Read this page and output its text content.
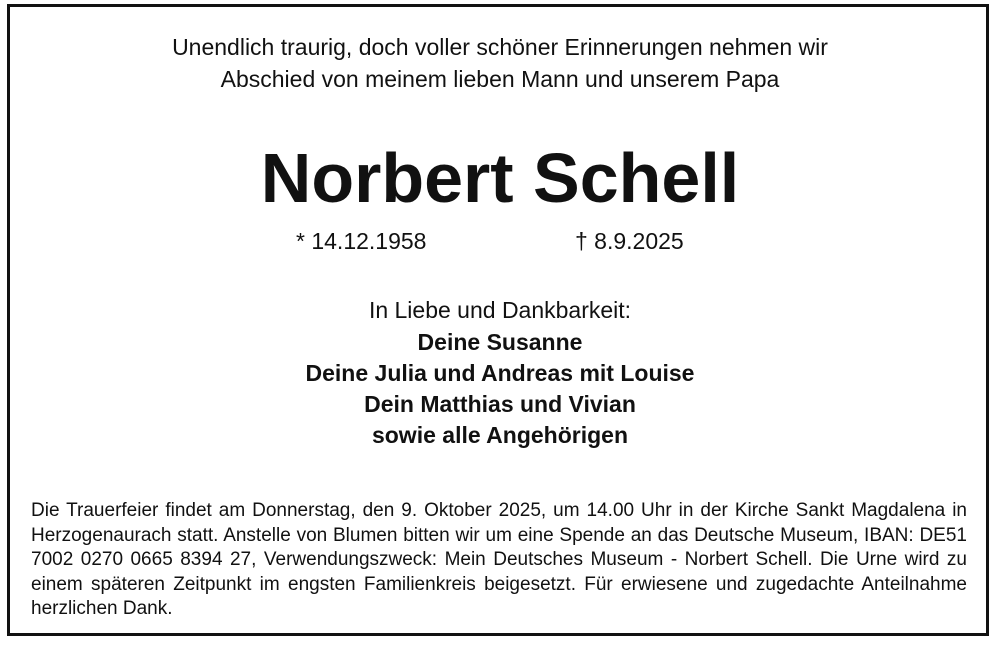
Unendlich traurig, doch voller schöner Erinnerungen nehmen wir
Abschied von meinem lieben Mann und unserem Papa
Norbert Schell
* 14.12.1958	† 8.9.2025
In Liebe und Dankbarkeit:
Deine Susanne
Deine Julia und Andreas mit Louise
Dein Matthias und Vivian
sowie alle Angehörigen
Die Trauerfeier findet am Donnerstag, den 9. Oktober 2025, um 14.00 Uhr in der Kirche Sankt Magdalena in Herzogenaurach statt. Anstelle von Blumen bitten wir um eine Spende an das Deutsche Museum, IBAN: DE51 7002 0270 0665 8394 27, Verwendungszweck: Mein Deutsches Museum - Norbert Schell. Die Urne wird zu einem späteren Zeitpunkt im engsten Familienkreis beigesetzt. Für erwiesene und zugedachte Anteilnahme herzlichen Dank.
